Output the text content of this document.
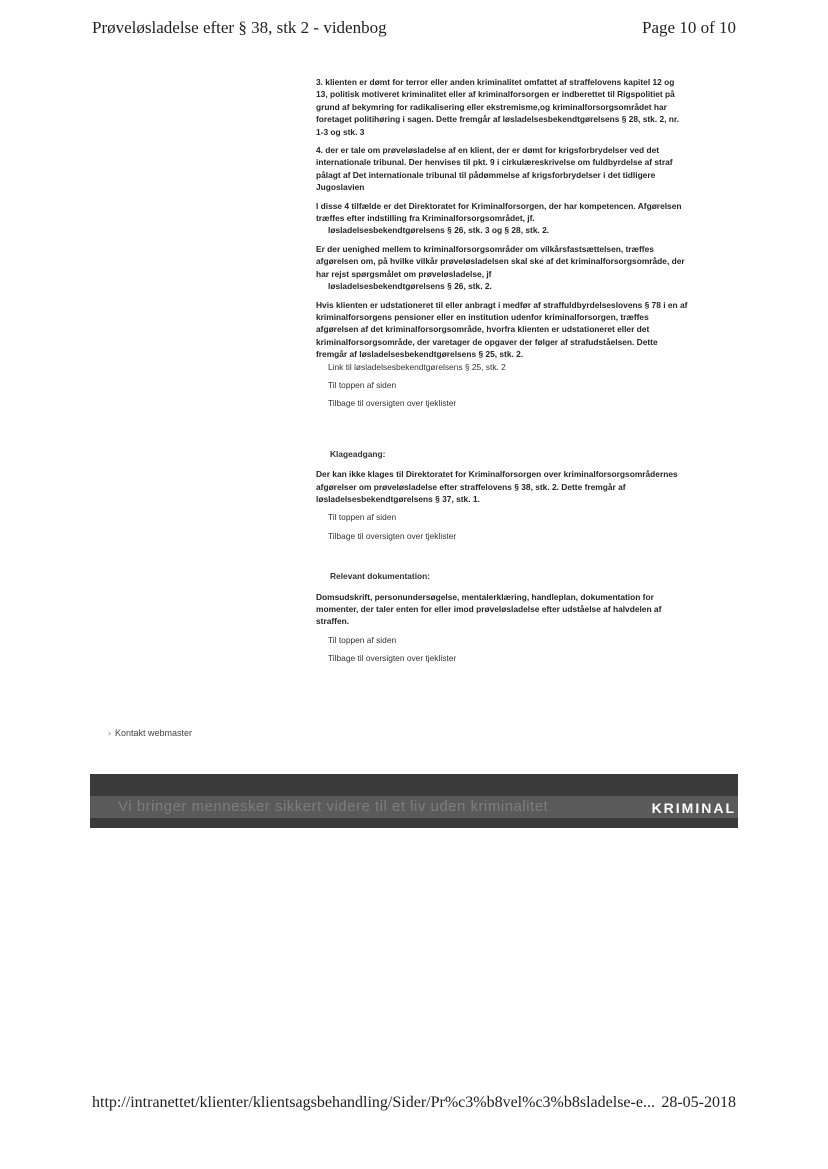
Prøveløsladelse efter § 38, stk 2 - videnbog	Page 10 of 10

3. klienten er dømt for terror eller anden kriminalitet omfattet af straffelovens kapitel 12 og 13, politisk motiveret kriminalitet eller af kriminalforsorgen er indberettet til Rigspolitiet på grund af bekymring for radikalisering eller ekstremisme,og kriminalforsorgsområdet har foretaget politihøring i sagen. Dette fremgår af løsladelsesbekendtgørelsens § 28, stk. 2, nr. 1-3 og stk. 3

4. der er tale om prøveløsladelse af en klient, der er dømt for krigsforbrydelser ved det internationale tribunal. Der henvises til pkt. 9 i cirkulæreskrivelse om fuldbyrdelse af straf pålagt af Det internationale tribunal til pådømmelse af krigsforbrydelser i det tidligere Jugoslavien

I disse 4 tilfælde er det Direktoratet for Kriminalforsorgen, der har kompetencen. Afgørelsen træffes efter indstilling fra Kriminalforsorgsområdet, jf.
løsladelsesbekendtgørelsens § 26, stk. 3 og § 28, stk. 2.

Er der uenighed mellem to kriminalforsorgsområder om vilkårsfastsættelsen, træffes afgørelsen om, på hvilke vilkår prøveløsladelsen skal ske af det kriminalforsorgsområde, der har rejst spørgsmålet om prøveløsladelse, jf
løsladelsesbekendtgørelsens § 26, stk. 2.

Hvis klienten er udstationeret til eller anbragt i medfør af straffuldbyrdelseslovens § 78 i en af kriminalforsorgens pensioner eller en institution udenfor kriminalforsorgen, træffes afgørelsen af det kriminalforsorgsområde, hvorfra klienten er udstationeret eller det kriminalforsorgsområde, der varetager de opgaver der følger af strafudståelsen. Dette fremgår af løsladelsesbekendtgørelsens § 25, stk. 2.
Link til løsladelsesbekendtgørelsens § 25, stk. 2

Til toppen af siden
Tilbage til oversigten over tjeklister
Klageadgang:

Der kan ikke klages til Direktoratet for Kriminalforsorgen over kriminalforsorgsområdernes afgørelser om prøveløsladelse efter straffelovens § 38, stk. 2. Dette fremgår af løsladelsesbekendtgørelsens § 37, stk. 1.

Til toppen af siden
Tilbage til oversigten over tjeklister
Relevant dokumentation:

Domsudskrift, personundersøgelse, mentalerklæring, handleplan, dokumentation for momenter, der taler enten for eller imod prøveløsladelse efter udståelse af halvdelen af straffen.

Til toppen af siden
Tilbage til oversigten over tjeklister
› Kontakt webmaster
Vi bringer mennesker sikkert videre til et liv uden kriminalitet	KRIMINAL
http://intranettet/klienter/klientsagsbehandling/Sider/Pr%c3%b8vel%c3%b8sladelse-e... 28-05-2018
